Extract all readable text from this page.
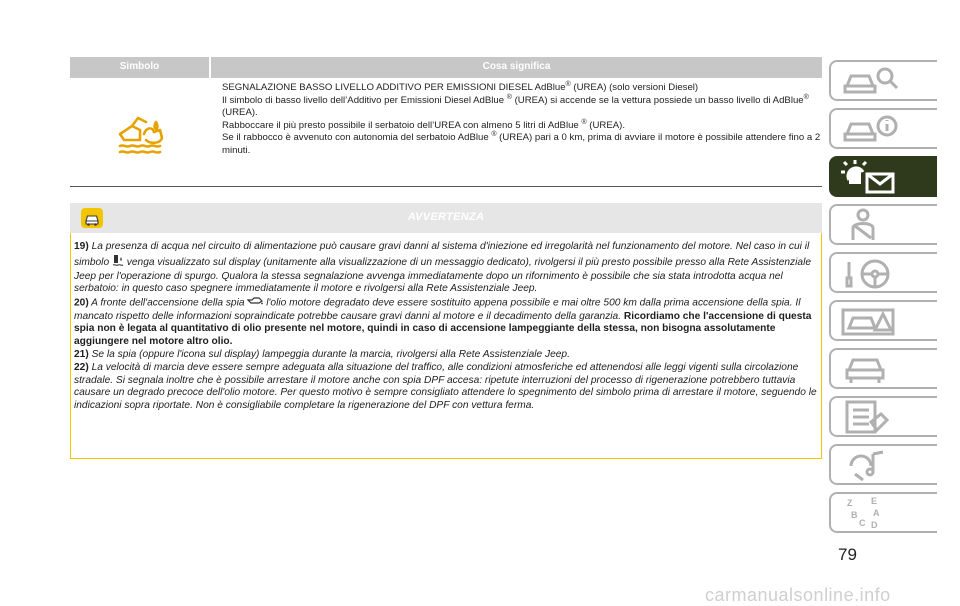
Simbolo	Cosa significa

SEGNALAZIONE BASSO LIVELLO ADDITIVO PER EMISSIONI DIESEL AdBlue® (UREA) (solo versioni Diesel)

Il simbolo di basso livello dell’Additivo per Emissioni Diesel AdBlue ® (UREA) si accende se la vettura possiede un basso livello di AdBlue® (UREA).

Rabboccare il più presto possibile il serbatoio dell’UREA con almeno 5 litri di AdBlue ® (UREA).

Se il rabbocco è avvenuto con autonomia del serbatoio AdBlue ® (UREA) pari a 0 km, prima di avviare il motore è possibile attendere fino a 2 minuti.

AVVERTENZA

19) La presenza di acqua nel circuito di alimentazione può causare gravi danni al sistema d'iniezione ed irregolarità nel funzionamento del motore. Nel caso in cui il simbolo  venga visualizzato sul display (unitamente alla visualizzazione di un messaggio dedicato), rivolgersi il più presto possibile presso alla Rete Assistenziale Jeep per l'operazione di spurgo. Qualora la stessa segnalazione avvenga immediatamente dopo un rifornimento è possibile che sia stata introdotta acqua nel serbatoio: in questo caso spegnere immediatamente il motore e rivolgersi alla Rete Assistenziale Jeep.

20) A fronte dell'accensione della spia  l'olio motore degradato deve essere sostituito appena possibile e mai oltre 500 km dalla prima accensione della spia. Il mancato rispetto delle informazioni sopraindicate potrebbe causare gravi danni al motore e il decadimento della garanzia. Ricordiamo che l'accensione di questa spia non è legata al quantitativo di olio presente nel motore, quindi in caso di accensione lampeggiante della stessa, non bisogna assolutamente aggiungere nel motore altro olio.

21) Se la spia (oppure l'icona sul display) lampeggia durante la marcia, rivolgersi alla Rete Assistenziale Jeep.

22) La velocità di marcia deve essere sempre adeguata alla situazione del traffico, alle condizioni atmosferiche ed attenendosi alle leggi vigenti sulla circolazione stradale. Si segnala inoltre che è possibile arrestare il motore anche con spia DPF accesa: ripetute interruzioni del processo di rigenerazione potrebbero tuttavia causare un degrado precoce dell'olio motore. Per questo motivo è sempre consigliato attendere lo spegnimento del simbolo prima di arrestare il motore, seguendo le indicazioni sopra riportate. Non è consigliabile completare la rigenerazione del DPF con vettura ferma.

Z E
B A
C D
79
carmanualsonline.info
